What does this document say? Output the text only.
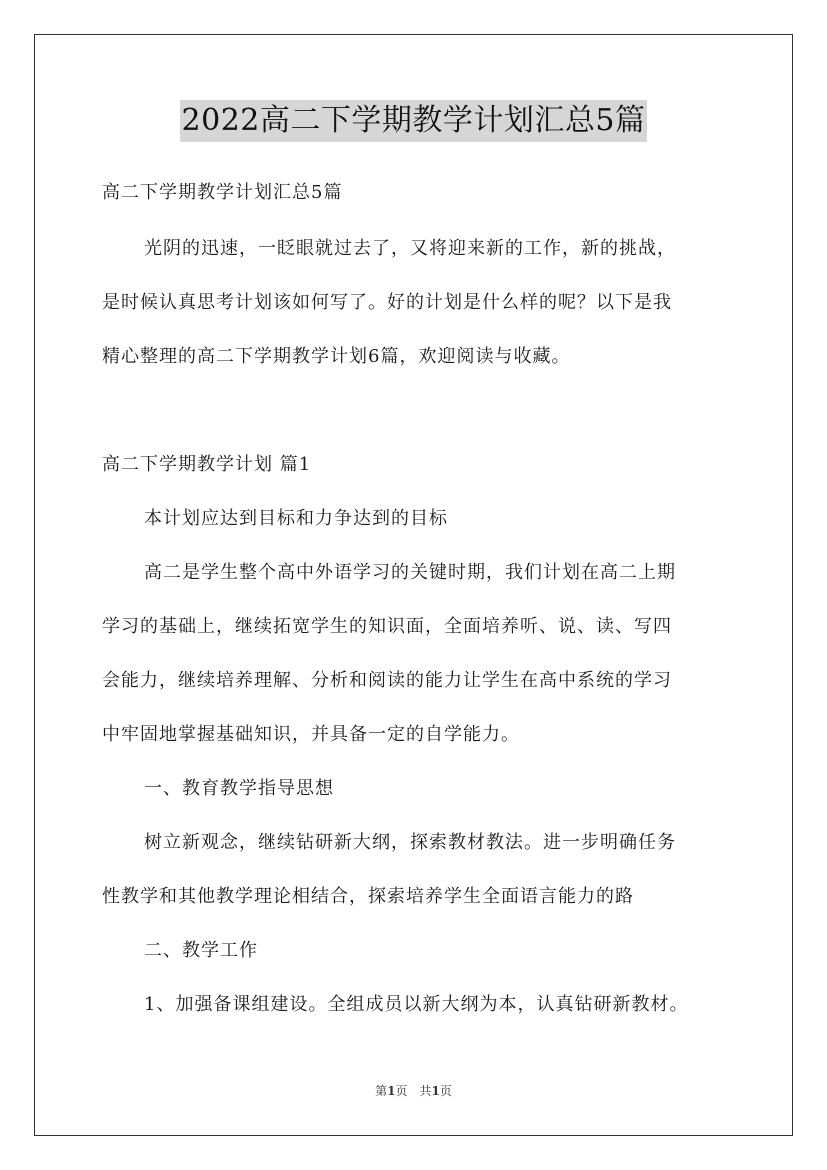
2022高二下学期教学计划汇总5篇
高二下学期教学计划汇总5篇
光阴的迅速，一眨眼就过去了，又将迎来新的工作，新的挑战，
是时候认真思考计划该如何写了。好的计划是什么样的呢？以下是我
精心整理的高二下学期教学计划6篇，欢迎阅读与收藏。
高二下学期教学计划 篇1
本计划应达到目标和力争达到的目标
高二是学生整个高中外语学习的关键时期，我们计划在高二上期
学习的基础上，继续拓宽学生的知识面，全面培养听、说、读、写四
会能力，继续培养理解、分析和阅读的能力让学生在高中系统的学习
中牢固地掌握基础知识，并具备一定的自学能力。
一、教育教学指导思想
树立新观念，继续钻研新大纲，探索教材教法。进一步明确任务
性教学和其他教学理论相结合，探索培养学生全面语言能力的路
二、教学工作
1、加强备课组建设。全组成员以新大纲为本，认真钻研新教材。
第1页　共1页
